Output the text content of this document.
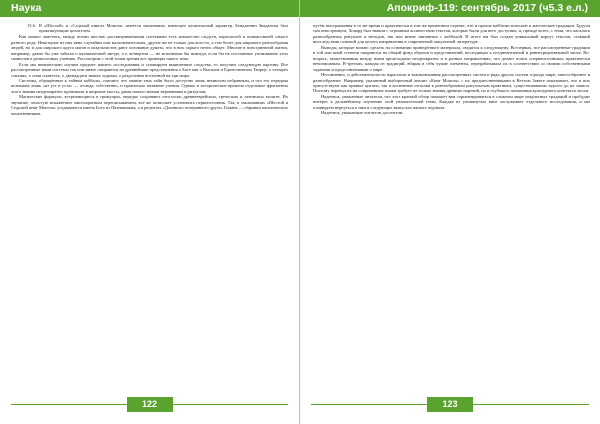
Наука

15.6. В «Шестой» и «Седьмой книгах Моисея» имеется заклинание, имеющее целительный характер. Бендженин Звадански был практикующим целителем.

Как можно заметить, между всеми шестью рассматриваемыми системами есть множество сходств, параллелей и взаимосвязей самого разного рода. Некоторые из них явно случайны или малозначительны, другие же не только для кого-то, а тем более для широкого разнообразия людей, но и для широкого круга магов и оккультистов дают основание думать, что в них скрыто нечто общее. Многие в повседневной жизни, например, давно бы уже забыли о пятиконечной звезде, а о четвертом — не вспомнили бы никогда, если бы не постоянное упоминание этих символов в религиозных учениях. Рассмотрим с этой точки зрения все примеры такого типа.

Если мы внимательно изучим предмет нашего исследования и суммируем выявленные сходства, то получим следующую картину. Все рассмотренные нами системы так или иначе опираются на древнейшие представления о Боге как о Высшем и Единственном Творце, о четырех стихиях, о семи планетах, о двенадцати знаках зодиака, о разделении вселенной на три мира.

Системы, обращённые к тайнам каббалы, считают, что знание этих тайн было доступно лишь немногим избранным, и что его передача возможна лишь «из уст в уста» — отсюда, собственно, и произошло название учения. Однако в исторические времена отдельные фрагменты этого знания неоднократно проникали в широкие массы, давая начало новым верованиям и ритуалам.

Магические формулы, встречающиеся в гримуарах, нередко сохраняют отголоски древнееврейских, греческих и латинских молитв. Их звучание, зачастую искажённое многократным переписыванием, всё же позволяет установить первоисточник. Так, в заклинаниях «Шестой и Седьмой книг Моисея» угадываются имена Бога из Пятикнижия, а в рецептах «Длинного потерянного друга» Гомана — обрывки католических молитвенников.

122
Апокриф-119: сентябрь 2017 (ч5.3 е.л.)

путём выстраивания в то же время и практически в том же временном отрезке, что и прочие каббалистические и магические традиции. Будучи сам иностранцем, Ховард был знаком с огромным количеством текстов, которые были для него доступны, и, прежде всего, с теми, что касались разнообразных ритуалов и методов, так или иначе связанных с каббалой. В итоге им был создан уникальный корпус текстов, ставший впоследствии основой для целого направления в современной оккультной литературе.

Выводы, которые можно сделать на основании приведённого материала, сводятся к следующему. Во-первых, все рассмотренные традиции в той или иной степени опираются на общий фонд образов и представлений, восходящих к позднеантичной и раннесредневековой эпохе. Во-вторых, заимствования между ними происходили неоднократно и в разных направлениях, что делает поиск «первоисточника» практически невозможным. В-третьих, каждая из традиций, вбирая в себя чужие элементы, перерабатывала их в соответствии со своими собственными задачами и представлениями о мире.

Несомненно, и действительности параллели и взаимовлияния рассмотренных систем и ряда других систем гораздо шире, многообразнее и разнообразнее. Например, указанный выборочный анализ «Книг Моисея» с их предшественниками в Ветхом Завете показывает, что в них присутствуют как прямые цитаты, так и косвенные отсылки к разнообразным ритуальным практикам, существовавшим задолго до их записи. Поэтому перевод их на современные языки требует не только знания древних наречий, но и глубокого понимания культурного контекста эпохи.

Надеемся, уважаемые читатели, что этот краткий обзор поможет вам сориентироваться в сложном мире оккультных традиций и пробудит интерес к дальнейшему изучению этой увлекательной темы. Каждая из упомянутых книг заслуживает отдельного исследования, и мы планируем вернуться к ним в следующих выпусках нашего журнала.

Надеемся, уважаемые читатели дослители.

123
